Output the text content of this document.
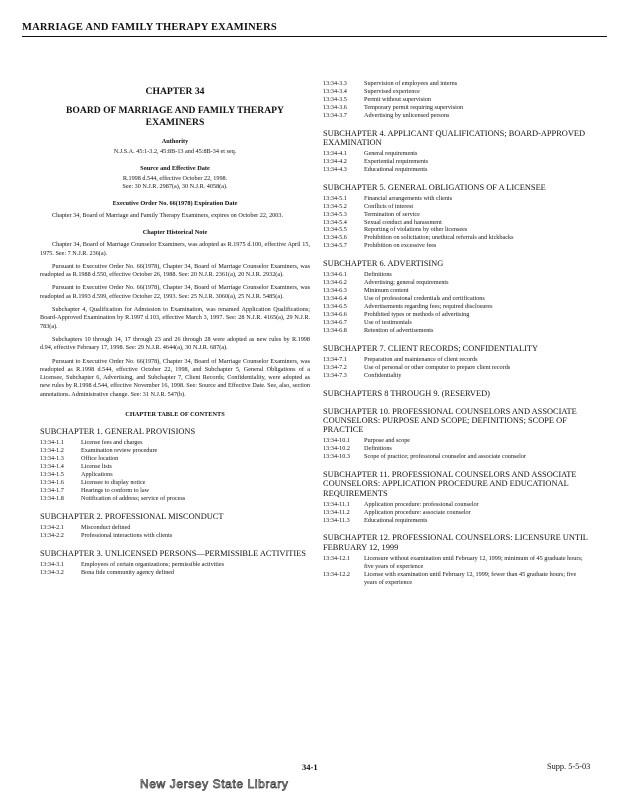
MARRIAGE AND FAMILY THERAPY EXAMINERS
CHAPTER 34
BOARD OF MARRIAGE AND FAMILY THERAPY EXAMINERS
Authority
N.J.S.A. 45:1-3.2, 45:8B-13 and 45:8B-34 et seq.
Source and Effective Date
R.1998 d.544, effective October 22, 1998.
See: 30 N.J.R. 2987(a), 30 N.J.R. 4058(a).
Executive Order No. 66(1978) Expiration Date
Chapter 34, Board of Marriage and Family Therapy Examiners, expires on October 22, 2003.
Chapter Historical Note
Chapter 34, Board of Marriage Counselor Examiners, was adopted as R.1975 d.100, effective April 15, 1975. See: 7 N.J.R. 236(a).
Pursuant to Executive Order No. 66(1978), Chapter 34, Board of Marriage Counselor Examiners, was readopted as R.1988 d.550, effective October 26, 1988. See: 20 N.J.R. 2361(a), 20 N.J.R. 2932(a).
Pursuant to Executive Order No. 66(1978), Chapter 34, Board of Marriage Counselor Examiners, was readopted as R.1993 d.599, effective October 22, 1993. See: 25 N.J.R. 3060(a), 25 N.J.R. 5485(a).
Subchapter 4, Qualification for Admission to Examination, was renamed Application Qualifications; Board-Approved Examination by R.1997 d.103, effective March 3, 1997. See: 28 N.J.R. 4165(a), 29 N.J.R. 783(a).
Subchapters 10 through 14, 17 through 23 and 26 through 28 were adopted as new rules by R.1998 d.94, effective February 17, 1998. See: 29 N.J.R. 4644(a), 30 N.J.R. 687(a).
Pursuant to Executive Order No. 66(1978), Chapter 34, Board of Marriage Counselor Examiners, was readopted as R.1998 d.544, effective October 22, 1998, and Subchapter 5, General Obligations of a Licensee, Subchapter 6, Advertising, and Subchapter 7, Client Records; Confidentiality, were adopted as new rules by R.1998 d.544, effective November 16, 1998. See: Source and Effective Date. See, also, section annotations. Administrative change. See: 31 N.J.R. 547(b).
CHAPTER TABLE OF CONTENTS
SUBCHAPTER 1. GENERAL PROVISIONS
13:34-1.1	License fees and charges
13:34-1.2	Examination review procedure
13:34-1.3	Office location
13:34-1.4	License lists
13:34-1.5	Applications
13:34-1.6	Licensee to display notice
13:34-1.7	Hearings to conform to law
13:34-1.8	Notification of address; service of process
SUBCHAPTER 2. PROFESSIONAL MISCONDUCT
13:34-2.1	Misconduct defined
13:34-2.2	Professional interactions with clients
SUBCHAPTER 3. UNLICENSED PERSONS—PERMISSIBLE ACTIVITIES
13:34-3.1	Employees of certain organizations; permissible activities
13:34-3.2	Bona fide community agency defined
13:34-3.3	Supervision of employees and interns
13:34-3.4	Supervised experience
13:34-3.5	Permit without supervision
13:34-3.6	Temporary permit requiring supervision
13:34-3.7	Advertising by unlicensed persons
SUBCHAPTER 4. APPLICANT QUALIFICATIONS; BOARD-APPROVED EXAMINATION
13:34-4.1	General requirements
13:34-4.2	Experiential requirements
13:34-4.3	Educational requirements
SUBCHAPTER 5. GENERAL OBLIGATIONS OF A LICENSEE
13:34-5.1	Financial arrangements with clients
13:34-5.2	Conflicts of interest
13:34-5.3	Termination of service
13:34-5.4	Sexual conduct and harassment
13:34-5.5	Reporting of violations by other licensees
13:34-5.6	Prohibition on solicitation; unethical referrals and kickbacks
13:34-5.7	Prohibition on excessive fees
SUBCHAPTER 6. ADVERTISING
13:34-6.1	Definitions
13:34-6.2	Advertising; general requirements
13:34-6.3	Minimum content
13:34-6.4	Use of professional credentials and certifications
13:34-6.5	Advertisements regarding fees; required disclosures
13:34-6.6	Prohibited types or methods of advertising
13:34-6.7	Use of testimonials
13:34-6.8	Retention of advertisements
SUBCHAPTER 7. CLIENT RECORDS; CONFIDENTIALITY
13:34-7.1	Preparation and maintenance of client records
13:34-7.2	Use of personal or other computer to prepare client records
13:34-7.3	Confidentiality
SUBCHAPTERS 8 THROUGH 9. (RESERVED)
SUBCHAPTER 10. PROFESSIONAL COUNSELORS AND ASSOCIATE COUNSELORS: PURPOSE AND SCOPE; DEFINITIONS; SCOPE OF PRACTICE
13:34-10.1	Purpose and scope
13:34-10.2	Definitions
13:34-10.3	Scope of practice; professional counselor and associate counselor
SUBCHAPTER 11. PROFESSIONAL COUNSELORS AND ASSOCIATE COUNSELORS: APPLICATION PROCEDURE AND EDUCATIONAL REQUIREMENTS
13:34-11.1	Application procedure: professional counselor
13:34-11.2	Application procedure: associate counselor
13:34-11.3	Educational requirements
SUBCHAPTER 12. PROFESSIONAL COUNSELORS: LICENSURE UNTIL FEBRUARY 12, 1999
13:34-12.1	Licensure without examination until February 12, 1999; minimum of 45 graduate hours; five years of experience
13:34-12.2	License with examination until February 12, 1999; fewer than 45 graduate hours; five years of experience
34-1	Supp. 5-5-03
New Jersey State Library
